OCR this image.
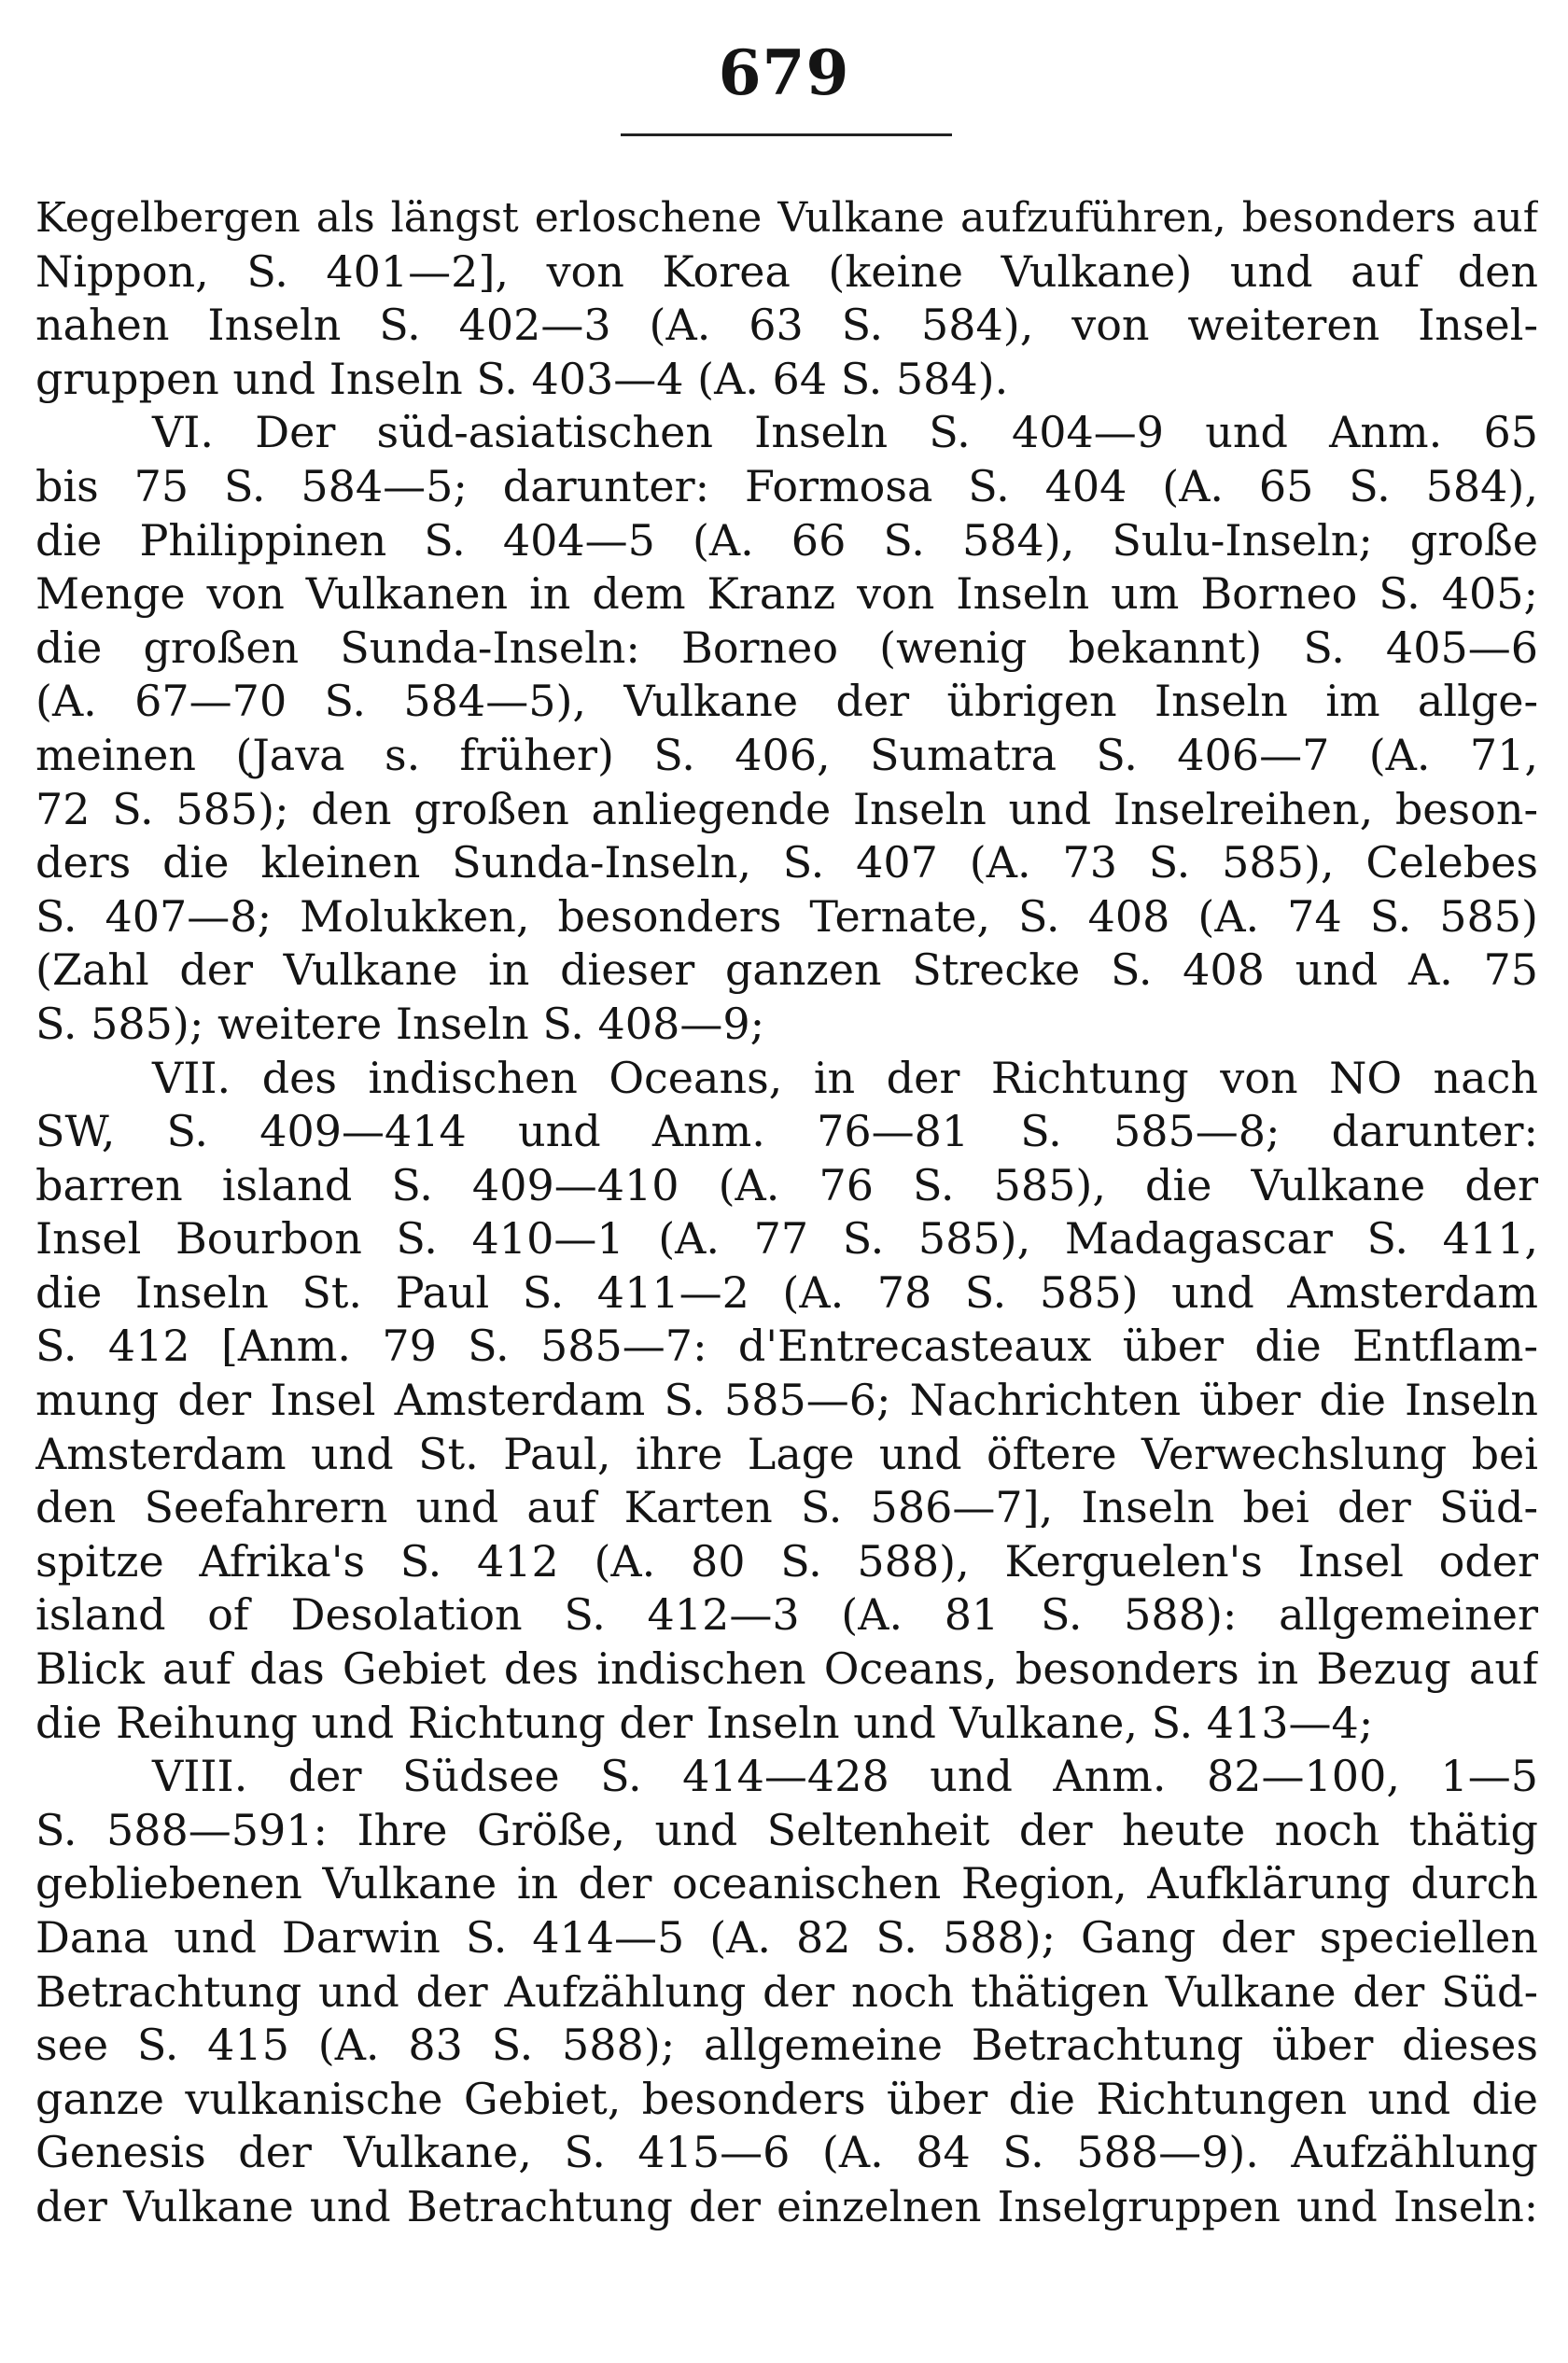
679
Kegelbergen als längst erloschene Vulkane aufzuführen, besonders auf
Nippon, S. 401—2], von Korea (keine Vulkane) und auf den
nahen Inseln S. 402—3 (A. 63 S. 584), von weiteren Insel-
gruppen und Inseln S. 403—4 (A. 64 S. 584).
VI. Der süd-asiatischen Inseln S. 404—9 und Anm. 65
bis 75 S. 584—5; darunter: Formosa S. 404 (A. 65 S. 584),
die Philippinen S. 404—5 (A. 66 S. 584), Sulu-Inseln; große
Menge von Vulkanen in dem Kranz von Inseln um Borneo S. 405;
die großen Sunda-Inseln: Borneo (wenig bekannt) S. 405—6
(A. 67—70 S. 584—5), Vulkane der übrigen Inseln im allge-
meinen (Java s. früher) S. 406, Sumatra S. 406—7 (A. 71,
72 S. 585); den großen anliegende Inseln und Inselreihen, beson-
ders die kleinen Sunda-Inseln, S. 407 (A. 73 S. 585), Celebes
S. 407—8; Molukken, besonders Ternate, S. 408 (A. 74 S. 585)
(Zahl der Vulkane in dieser ganzen Strecke S. 408 und A. 75
S. 585); weitere Inseln S. 408—9;
VII. des indischen Oceans, in der Richtung von NO nach
SW, S. 409—414 und Anm. 76—81 S. 585—8; darunter:
barren island S. 409—410 (A. 76 S. 585), die Vulkane der
Insel Bourbon S. 410—1 (A. 77 S. 585), Madagascar S. 411,
die Inseln St. Paul S. 411—2 (A. 78 S. 585) und Amsterdam
S. 412 [Anm. 79 S. 585—7: d'Entrecasteaux über die Entflam-
mung der Insel Amsterdam S. 585—6; Nachrichten über die Inseln
Amsterdam und St. Paul, ihre Lage und öftere Verwechslung bei
den Seefahrern und auf Karten S. 586—7], Inseln bei der Süd-
spitze Afrika's S. 412 (A. 80 S. 588), Kerguelen's Insel oder
island of Desolation S. 412—3 (A. 81 S. 588): allgemeiner
Blick auf das Gebiet des indischen Oceans, besonders in Bezug auf
die Reihung und Richtung der Inseln und Vulkane, S. 413—4;
VIII. der Südsee S. 414—428 und Anm. 82—100, 1—5
S. 588—591: Ihre Größe, und Seltenheit der heute noch thätig
gebliebenen Vulkane in der oceanischen Region, Aufklärung durch
Dana und Darwin S. 414—5 (A. 82 S. 588); Gang der speciellen
Betrachtung und der Aufzählung der noch thätigen Vulkane der Süd-
see S. 415 (A. 83 S. 588); allgemeine Betrachtung über dieses
ganze vulkanische Gebiet, besonders über die Richtungen und die
Genesis der Vulkane, S. 415—6 (A. 84 S. 588—9). Aufzählung
der Vulkane und Betrachtung der einzelnen Inselgruppen und Inseln:
